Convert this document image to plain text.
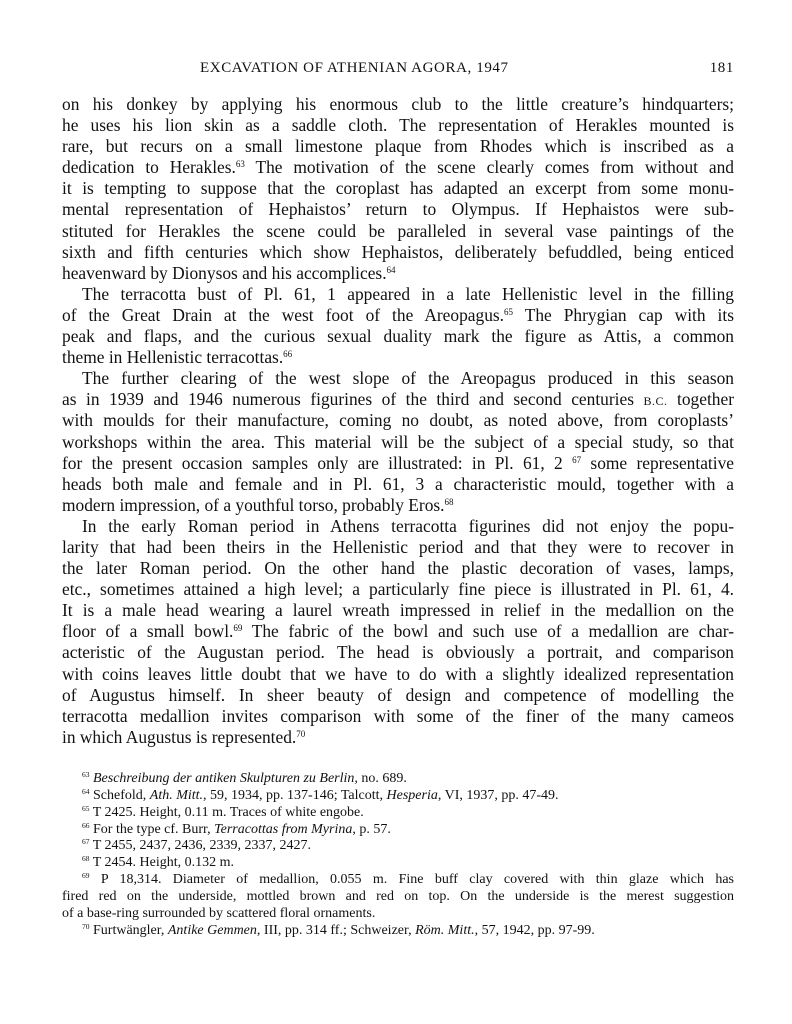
EXCAVATION OF ATHENIAN AGORA, 1947	181
on his donkey by applying his enormous club to the little creature’s hindquarters;
he uses his lion skin as a saddle cloth. The representation of Herakles mounted is
rare, but recurs on a small limestone plaque from Rhodes which is inscribed as a
dedication to Herakles.$^{63}$ The motivation of the scene clearly comes from without and
it is tempting to suppose that the coroplast has adapted an excerpt from some monu-
mental representation of Hephaistos’ return to Olympus. If Hephaistos were sub-
stituted for Herakles the scene could be paralleled in several vase paintings of the
sixth and fifth centuries which show Hephaistos, deliberately befuddled, being enticed
heavenward by Dionysos and his accomplices.$^{64}$
The terracotta bust of Pl. 61, 1 appeared in a late Hellenistic level in the filling
of the Great Drain at the west foot of the Areopagus.$^{65}$ The Phrygian cap with its
peak and flaps, and the curious sexual duality mark the figure as Attis, a common
theme in Hellenistic terracottas.$^{66}$
The further clearing of the west slope of the Areopagus produced in this season
as in 1939 and 1946 numerous figurines of the third and second centuries B.C. together
with moulds for their manufacture, coming no doubt, as noted above, from coroplasts’
workshops within the area. This material will be the subject of a special study, so that
for the present occasion samples only are illustrated: in Pl. 61, 2 $^{67}$ some representative
heads both male and female and in Pl. 61, 3 a characteristic mould, together with a
modern impression, of a youthful torso, probably Eros.$^{68}$
In the early Roman period in Athens terracotta figurines did not enjoy the popu-
larity that had been theirs in the Hellenistic period and that they were to recover in
the later Roman period. On the other hand the plastic decoration of vases, lamps,
etc., sometimes attained a high level; a particularly fine piece is illustrated in Pl. 61, 4.
It is a male head wearing a laurel wreath impressed in relief in the medallion on the
floor of a small bowl.$^{69}$ The fabric of the bowl and such use of a medallion are char-
acteristic of the Augustan period. The head is obviously a portrait, and comparison
with coins leaves little doubt that we have to do with a slightly idealized representation
of Augustus himself. In sheer beauty of design and competence of modelling the
terracotta medallion invites comparison with some of the finer of the many cameos
in which Augustus is represented.$^{70}$
$^{63}$ Beschreibung der antiken Skulpturen zu Berlin, no. 689.
$^{64}$ Schefold, Ath. Mitt., 59, 1934, pp. 137-146; Talcott, Hesperia, VI, 1937, pp. 47-49.
$^{65}$ T 2425. Height, 0.11 m. Traces of white engobe.
$^{66}$ For the type cf. Burr, Terracottas from Myrina, p. 57.
$^{67}$ T 2455, 2437, 2436, 2339, 2337, 2427.
$^{68}$ T 2454. Height, 0.132 m.
$^{69}$ P 18,314. Diameter of medallion, 0.055 m. Fine buff clay covered with thin glaze which has
fired red on the underside, mottled brown and red on top. On the underside is the merest suggestion
of a base-ring surrounded by scattered floral ornaments.
$^{70}$ Furtwängler, Antike Gemmen, III, pp. 314 ff.; Schweizer, Röm. Mitt., 57, 1942, pp. 97-99.
